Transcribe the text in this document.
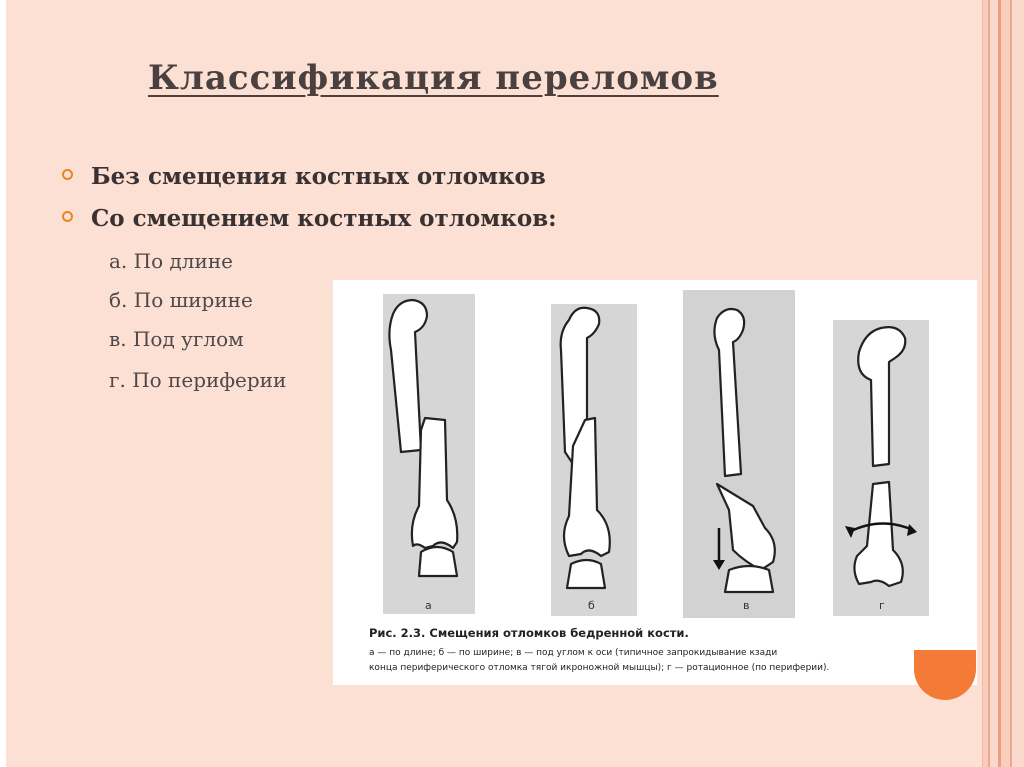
Классификация переломов
Без смещения костных отломков
Со смещением костных отломков:
а. По длине
б. По ширине
в. Под углом
г. По периферии
а	б	в	г
Рис. 2.3. Смещения отломков бедренной кости.
а — по длине; б — по ширине; в — под углом к оси (типичное запрокидывание кзади
конца периферического отломка тягой икроножной мышцы); г — ротационное (по периферии).
